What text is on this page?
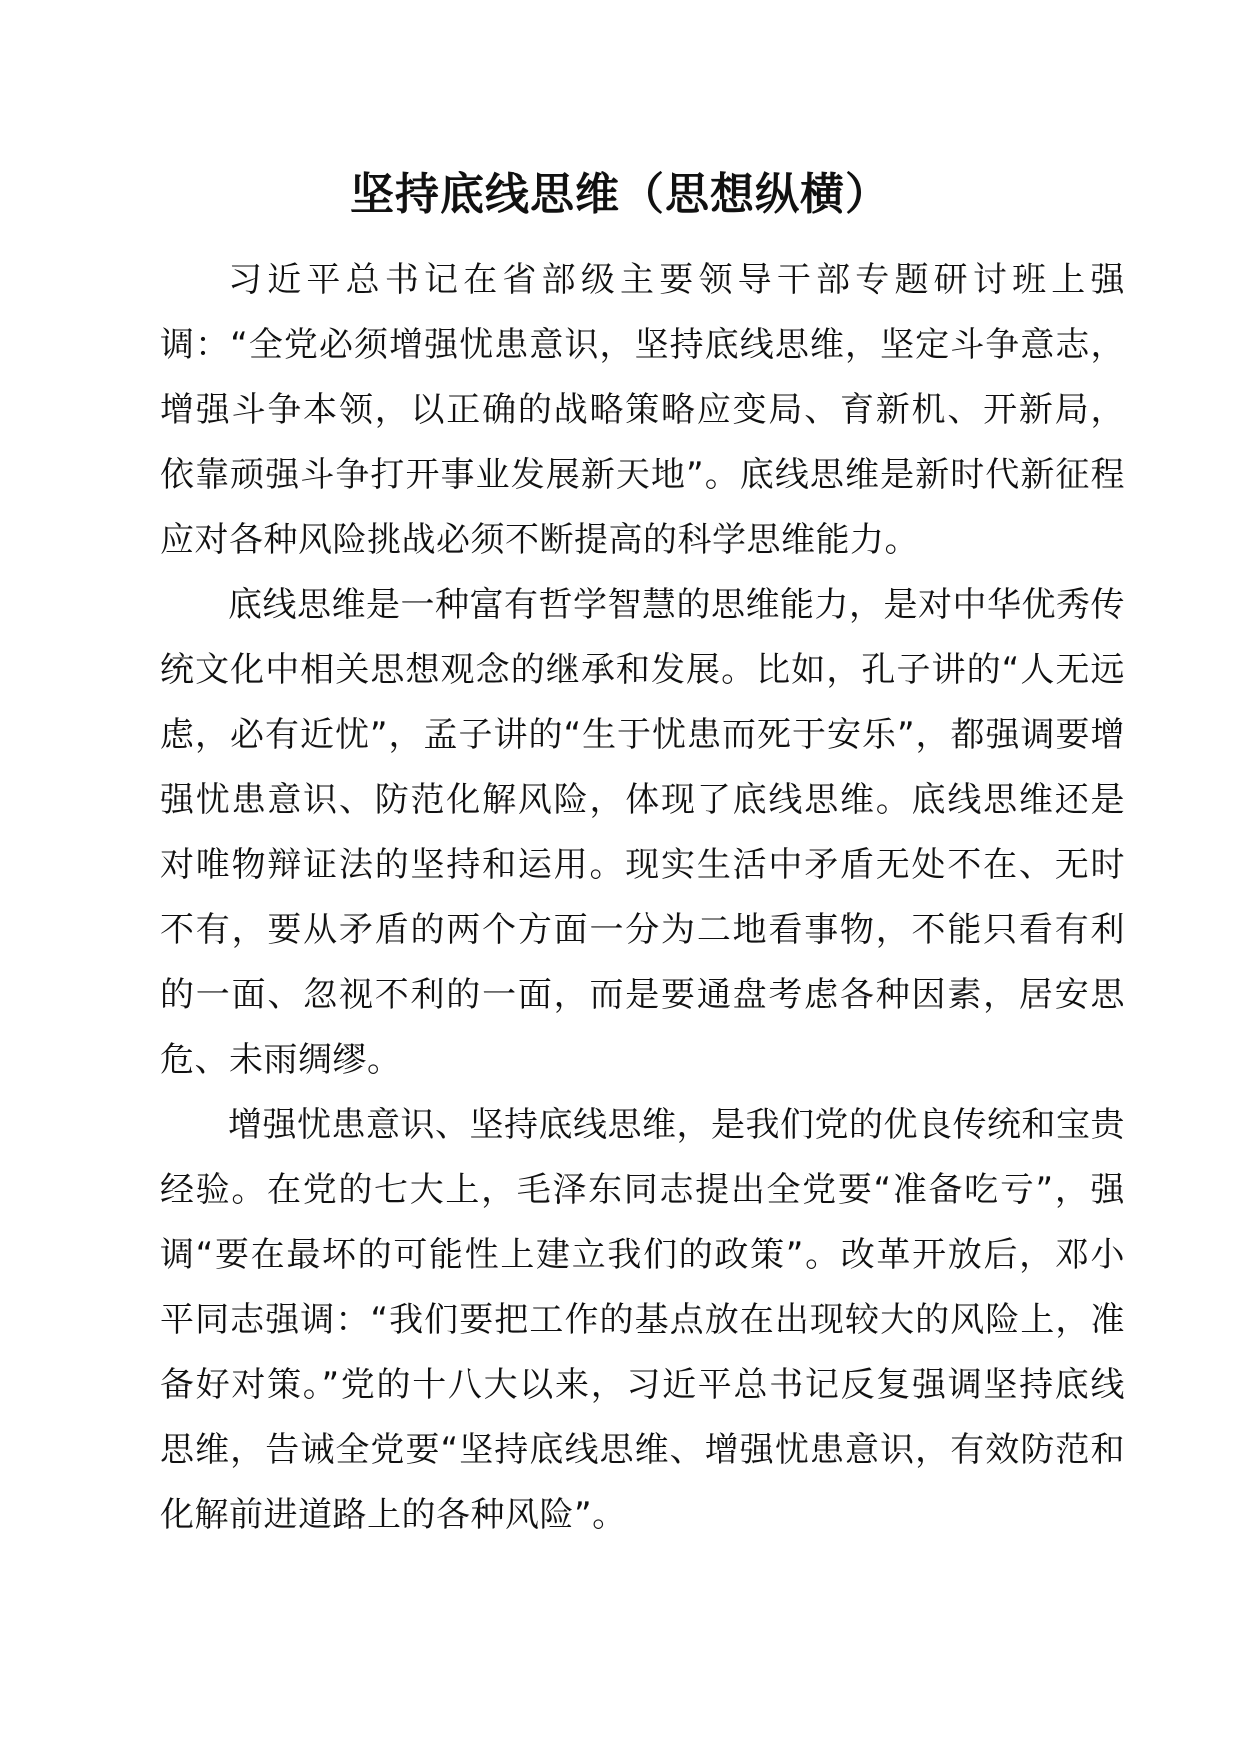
坚持底线思维（思想纵横）

习近平总书记在省部级主要领导干部专题研讨班上强调：“全党必须增强忧患意识，坚持底线思维，坚定斗争意志，增强斗争本领，以正确的战略策略应变局、育新机、开新局，依靠顽强斗争打开事业发展新天地”。底线思维是新时代新征程应对各种风险挑战必须不断提高的科学思维能力。

底线思维是一种富有哲学智慧的思维能力，是对中华优秀传统文化中相关思想观念的继承和发展。比如，孔子讲的“人无远虑，必有近忧”，孟子讲的“生于忧患而死于安乐”，都强调要增强忧患意识、防范化解风险，体现了底线思维。底线思维还是对唯物辩证法的坚持和运用。现实生活中矛盾无处不在、无时不有，要从矛盾的两个方面一分为二地看事物，不能只看有利的一面、忽视不利的一面，而是要通盘考虑各种因素，居安思危、未雨绸缪。

增强忧患意识、坚持底线思维，是我们党的优良传统和宝贵经验。在党的七大上，毛泽东同志提出全党要“准备吃亏”，强调“要在最坏的可能性上建立我们的政策”。改革开放后，邓小平同志强调：“我们要把工作的基点放在出现较大的风险上，准备好对策。”党的十八大以来，习近平总书记反复强调坚持底线思维，告诫全党要“坚持底线思维、增强忧患意识，有效防范和化解前进道路上的各种风险”。
